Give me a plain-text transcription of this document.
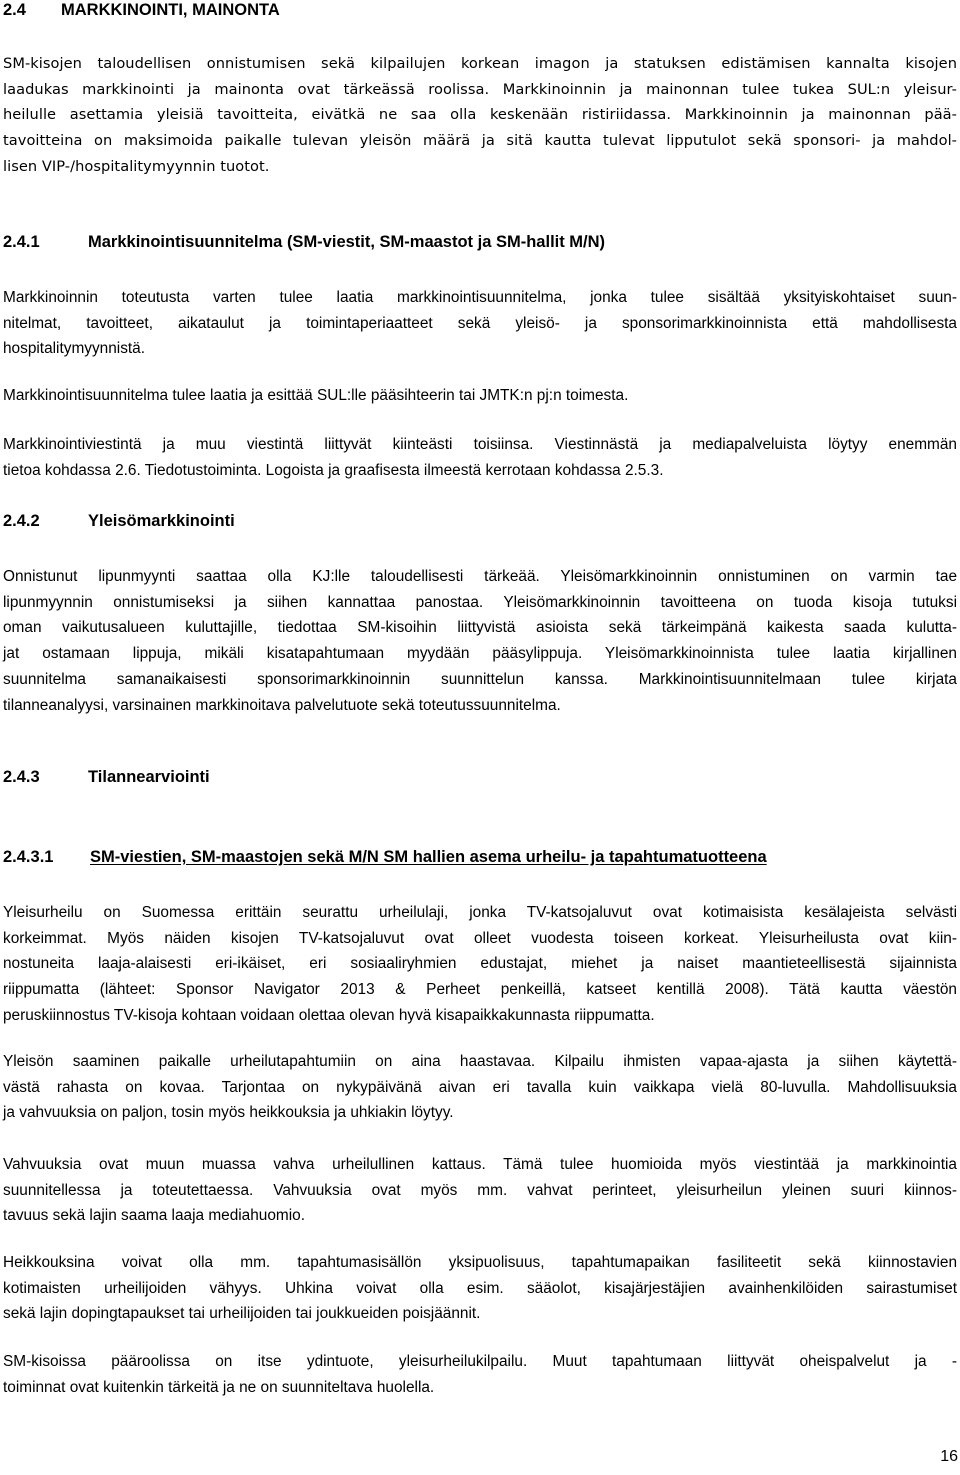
2.4 MARKKINOINTI, MAINONTA
SM-kisojen taloudellisen onnistumisen sekä kilpailujen korkean imagon ja statuksen edistämisen kannalta kisojen
laadukas markkinointi ja mainonta ovat tärkeässä roolissa. Markkinoinnin ja mainonnan tulee tukea SUL:n yleisur-
heilulle asettamia yleisiä tavoitteita, eivätkä ne saa olla keskenään ristiriidassa. Markkinoinnin ja mainonnan pää-
tavoitteina on maksimoida paikalle tulevan yleisön määrä ja sitä kautta tulevat lipputulot sekä sponsori- ja mahdol-
lisen VIP-/hospitalitymyynnin tuotot.
2.4.1	Markkinointisuunnitelma (SM-viestit, SM-maastot ja SM-hallit M/N)
Markkinoinnin toteutusta varten tulee laatia markkinointisuunnitelma, jonka tulee sisältää yksityiskohtaiset suun-
nitelmat, tavoitteet, aikataulut ja toimintaperiaatteet sekä yleisö- ja sponsorimarkkinoinnista että mahdollisesta
hospitalitymyynnistä.
Markkinointisuunnitelma tulee laatia ja esittää SUL:lle pääsihteerin tai JMTK:n pj:n toimesta.
Markkinointiviestintä ja muu viestintä liittyvät kiinteästi toisiinsa. Viestinnästä ja mediapalveluista löytyy enemmän
tietoa kohdassa 2.6. Tiedotustoiminta. Logoista ja graafisesta ilmeestä kerrotaan kohdassa 2.5.3.
2.4.2	Yleisömarkkinointi
Onnistunut lipunmyynti saattaa olla KJ:lle taloudellisesti tärkeää. Yleisömarkkinoinnin onnistuminen on varmin tae
lipunmyynnin onnistumiseksi ja siihen kannattaa panostaa. Yleisömarkkinoinnin tavoitteena on tuoda kisoja tutuksi
oman vaikutusalueen kuluttajille, tiedottaa SM-kisoihin liittyvistä asioista sekä tärkeimpänä kaikesta saada kulutta-
jat ostamaan lippuja, mikäli kisatapahtumaan myydään pääsylippuja. Yleisömarkkinoinnista tulee laatia kirjallinen
suunnitelma samanaikaisesti sponsorimarkkinoinnin suunnittelun kanssa. Markkinointisuunnitelmaan tulee kirjata
tilanneanalyysi, varsinainen markkinoitava palvelutuote sekä toteutussuunnitelma.
2.4.3	Tilannearviointi
2.4.3.1 SM-viestien, SM-maastojen sekä M/N SM hallien asema urheilu- ja tapahtumatuotteena
Yleisurheilu on Suomessa erittäin seurattu urheilulaji, jonka TV-katsojaluvut ovat kotimaisista kesälajeista selvästi
korkeimmat. Myös näiden kisojen TV-katsojaluvut ovat olleet vuodesta toiseen korkeat. Yleisurheilusta ovat kiin-
nostuneita laaja-alaisesti eri-ikäiset, eri sosiaaliryhmien edustajat, miehet ja naiset maantieteellisestä sijainnista
riippumatta (lähteet: Sponsor Navigator 2013 & Perheet penkeillä, katseet kentillä 2008). Tätä kautta väestön
peruskiinnostus TV-kisoja kohtaan voidaan olettaa olevan hyvä kisapaikkakunnasta riippumatta.
Yleisön saaminen paikalle urheilutapahtumiin on aina haastavaa. Kilpailu ihmisten vapaa-ajasta ja siihen käytettä-
västä rahasta on kovaa. Tarjontaa on nykypäivänä aivan eri tavalla kuin vaikkapa vielä 80-luvulla. Mahdollisuuksia
ja vahvuuksia on paljon, tosin myös heikkouksia ja uhkiakin löytyy.
Vahvuuksia ovat muun muassa vahva urheilullinen kattaus. Tämä tulee huomioida myös viestintää ja markkinointia
suunnitellessa ja toteutettaessa. Vahvuuksia ovat myös mm. vahvat perinteet, yleisurheilun yleinen suuri kiinnos-
tavuus sekä lajin saama laaja mediahuomio.
Heikkouksina voivat olla mm. tapahtumasisällön yksipuolisuus, tapahtumapaikan fasiliteetit sekä kiinnostavien
kotimaisten urheilijoiden vähyys. Uhkina voivat olla esim. sääolot, kisajärjestäjien avainhenkilöiden sairastumiset
sekä lajin dopingtapaukset tai urheilijoiden tai joukkueiden poisjäännit.
SM-kisoissa pääroolissa on itse ydintuote, yleisurheilukilpailu. Muut tapahtumaan liittyvät oheispalvelut ja -
toiminnat ovat kuitenkin tärkeitä ja ne on suunniteltava huolella.
16
